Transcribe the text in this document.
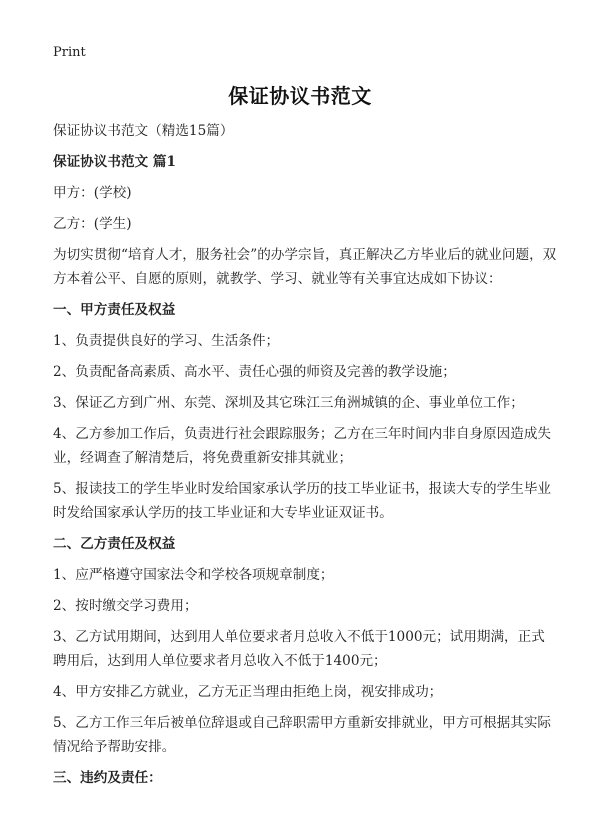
Print
保证协议书范文

保证协议书范文（精选15篇）

保证协议书范文 篇1

甲方：(学校)

乙方：(学生)

为切实贯彻“培育人才，服务社会”的办学宗旨，真正解决乙方毕业后的就业问题，双方本着公平、自愿的原则，就教学、学习、就业等有关事宜达成如下协议：

一、甲方责任及权益

1、负责提供良好的学习、生活条件；

2、负责配备高素质、高水平、责任心强的师资及完善的教学设施；

3、保证乙方到广州、东莞、深圳及其它珠江三角洲城镇的企、事业单位工作；

4、乙方参加工作后，负责进行社会跟踪服务；乙方在三年时间内非自身原因造成失业，经调查了解清楚后，将免费重新安排其就业；

5、报读技工的学生毕业时发给国家承认学历的技工毕业证书，报读大专的学生毕业时发给国家承认学历的技工毕业证和大专毕业证双证书。

二、乙方责任及权益

1、应严格遵守国家法令和学校各项规章制度；

2、按时缴交学习费用；

3、乙方试用期间，达到用人单位要求者月总收入不低于1000元；试用期满，正式聘用后，达到用人单位要求者月总收入不低于1400元；

4、甲方安排乙方就业，乙方无正当理由拒绝上岗，视安排成功；

5、乙方工作三年后被单位辞退或自己辞职需甲方重新安排就业，甲方可根据其实际情况给予帮助安排。

三、违约及责任：
